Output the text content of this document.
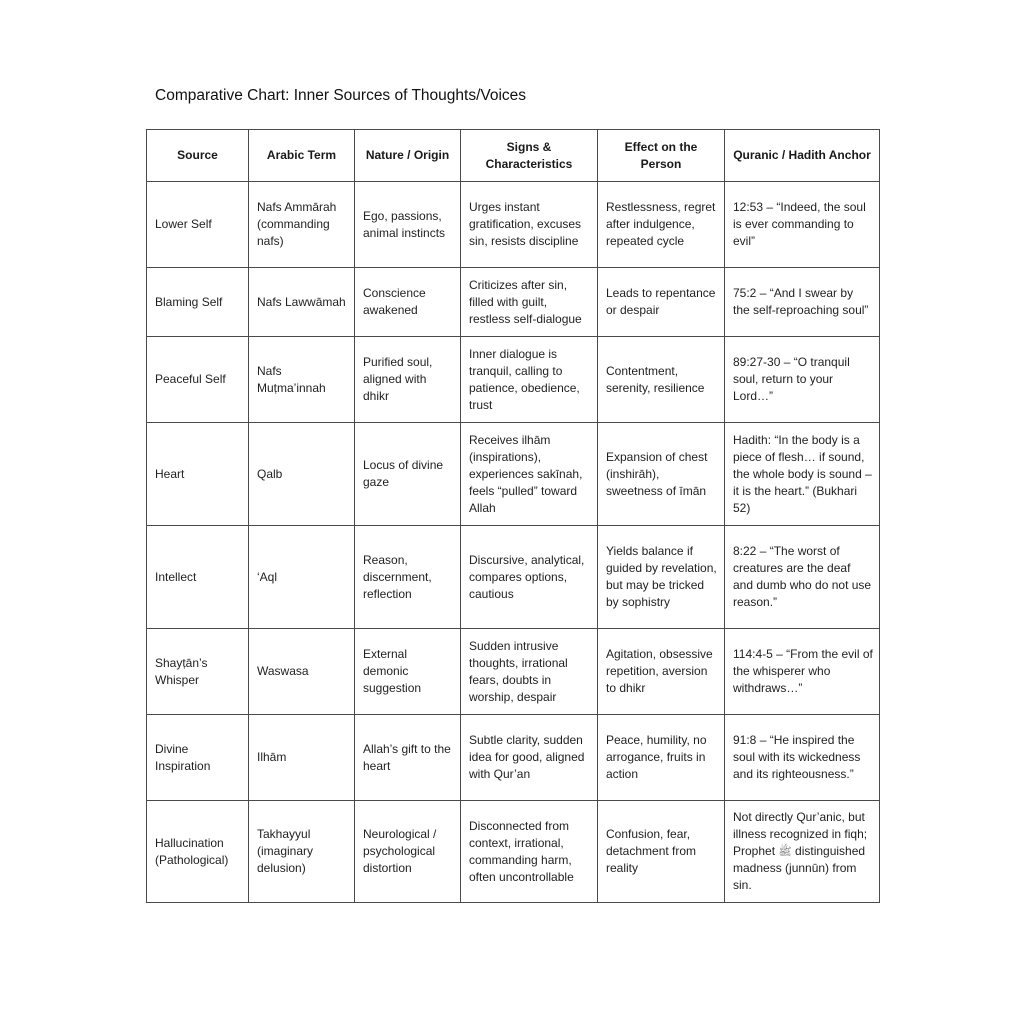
Comparative Chart: Inner Sources of Thoughts/Voices
Source	Arabic Term	Nature / Origin	Signs & Characteristics	Effect on the Person	Quranic / Hadith Anchor
Lower Self	Nafs Ammārah (commanding nafs)	Ego, passions, animal instincts	Urges instant gratification, excuses sin, resists discipline	Restlessness, regret after indulgence, repeated cycle	12:53 – “Indeed, the soul is ever commanding to evil”
Blaming Self	Nafs Lawwāmah	Conscience awakened	Criticizes after sin, filled with guilt, restless self-dialogue	Leads to repentance or despair	75:2 – “And I swear by the self-reproaching soul”
Peaceful Self	Nafs Muṭma’innah	Purified soul, aligned with dhikr	Inner dialogue is tranquil, calling to patience, obedience, trust	Contentment, serenity, resilience	89:27-30 – “O tranquil soul, return to your Lord…”
Heart	Qalb	Locus of divine gaze	Receives ilhām (inspirations), experiences sakīnah, feels “pulled” toward Allah	Expansion of chest (inshirāh), sweetness of īmān	Hadith: “In the body is a piece of flesh… if sound, the whole body is sound – it is the heart.” (Bukhari 52)
Intellect	‘Aql	Reason, discernment, reflection	Discursive, analytical, compares options, cautious	Yields balance if guided by revelation, but may be tricked by sophistry	8:22 – “The worst of creatures are the deaf and dumb who do not use reason.”
Shayṭān’s Whisper	Waswasa	External demonic suggestion	Sudden intrusive thoughts, irrational fears, doubts in worship, despair	Agitation, obsessive repetition, aversion to dhikr	114:4-5 – “From the evil of the whisperer who withdraws…”
Divine Inspiration	Ilhām	Allah’s gift to the heart	Subtle clarity, sudden idea for good, aligned with Qur’an	Peace, humility, no arrogance, fruits in action	91:8 – “He inspired the soul with its wickedness and its righteousness.”
Hallucination (Pathological)	Takhayyul (imaginary delusion)	Neurological / psychological distortion	Disconnected from context, irrational, commanding harm, often uncontrollable	Confusion, fear, detachment from reality	Not directly Qur’anic, but illness recognized in fiqh; Prophet ﷺ distinguished madness (junnūn) from sin.
